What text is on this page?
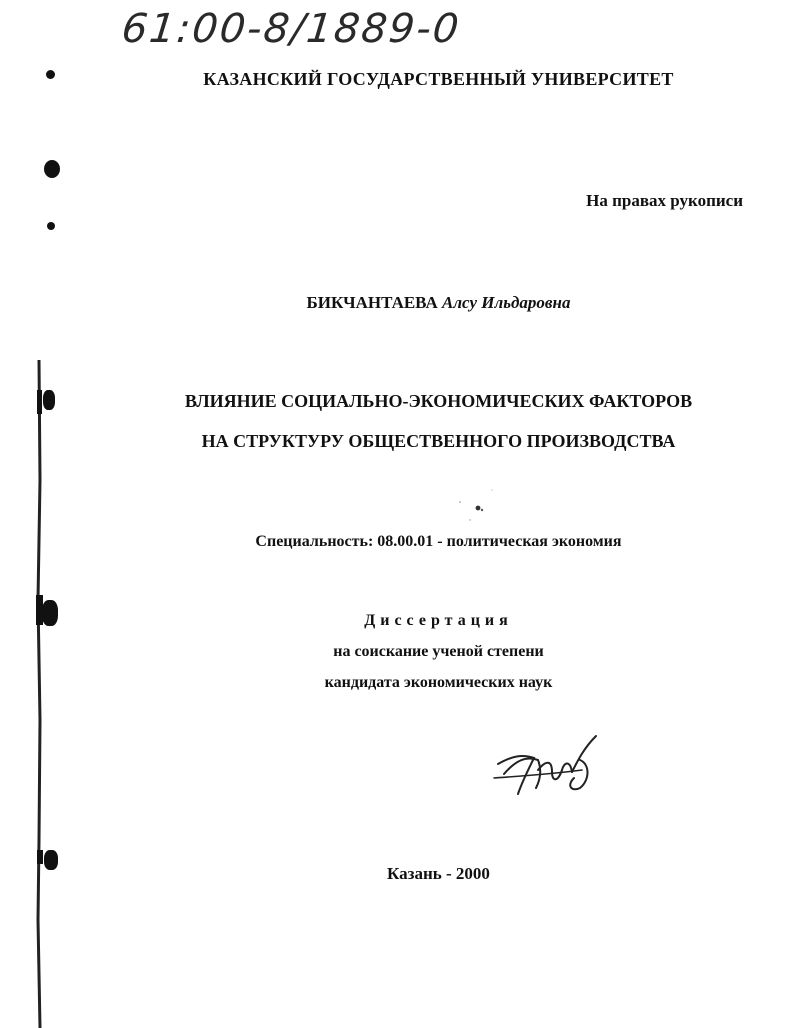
61:00-8/1889-0
КАЗАНСКИЙ ГОСУДАРСТВЕННЫЙ УНИВЕРСИТЕТ
На правах рукописи
БИКЧАНТАЕВА Алсу Ильдаровна
ВЛИЯНИЕ СОЦИАЛЬНО-ЭКОНОМИЧЕСКИХ ФАКТОРОВ
НА СТРУКТУРУ ОБЩЕСТВЕННОГО ПРОИЗВОДСТВА
Специальность: 08.00.01 - политическая экономия
Диссертация
на соискание ученой степени
кандидата экономических наук
Казань - 2000
